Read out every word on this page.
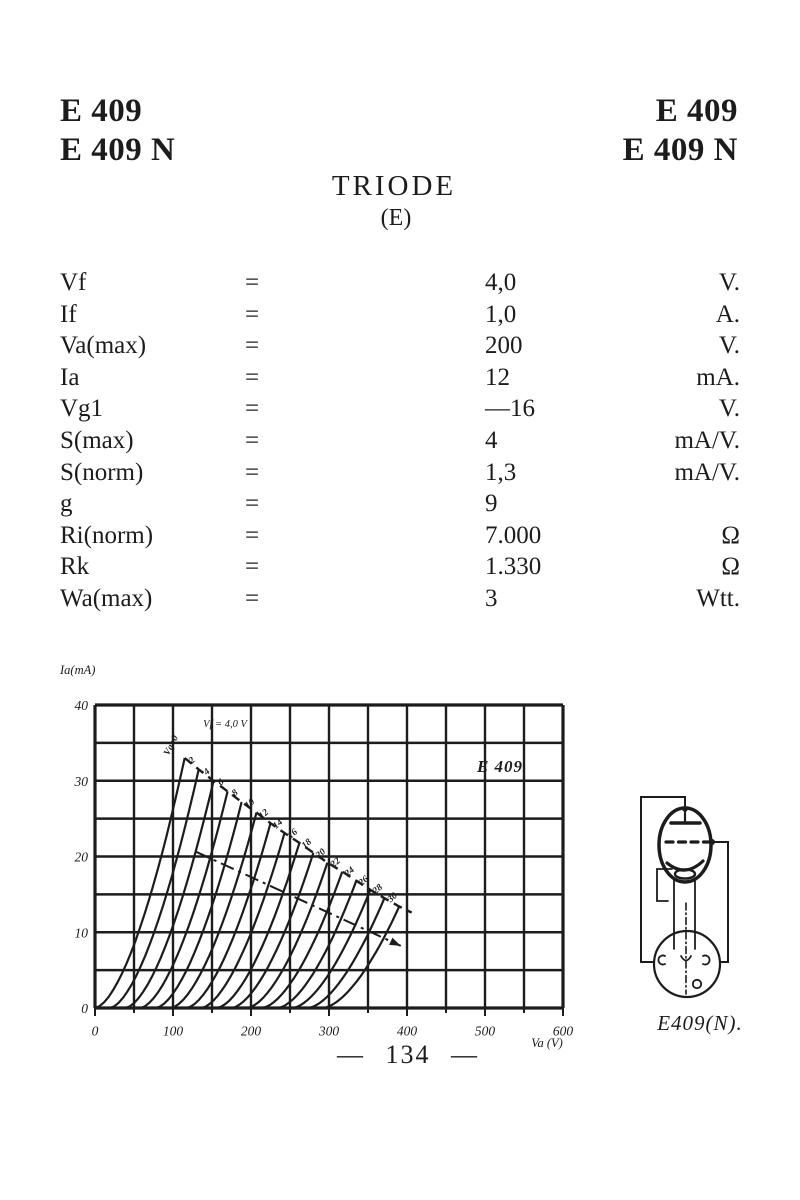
E 409
E 409 N
E 409
E 409 N
TRIODE
(E)
Vf	=	4,0	V.
If	=	1,0	A.
Va(max)	=	200	V.
Ia	=	12	mA.
Vg1	=	—16	V.
S(max)	=	4	mA/V.
S(norm)	=	1,3	mA/V.
g	=	9
Ri(norm)	=	7.000	Ω
Rk	=	1.330	Ω
Wa(max)	=	3	Wtt.
0	100	200	300	400	500	600
0
10
20
30
40
Ia(mA)
Va (V)
E 409
Vf = 4,0 V
Vg=0
2
4
6
8
10
12
14
16
18
20
22
24
26
28
30
E409(N).
— 134 —
